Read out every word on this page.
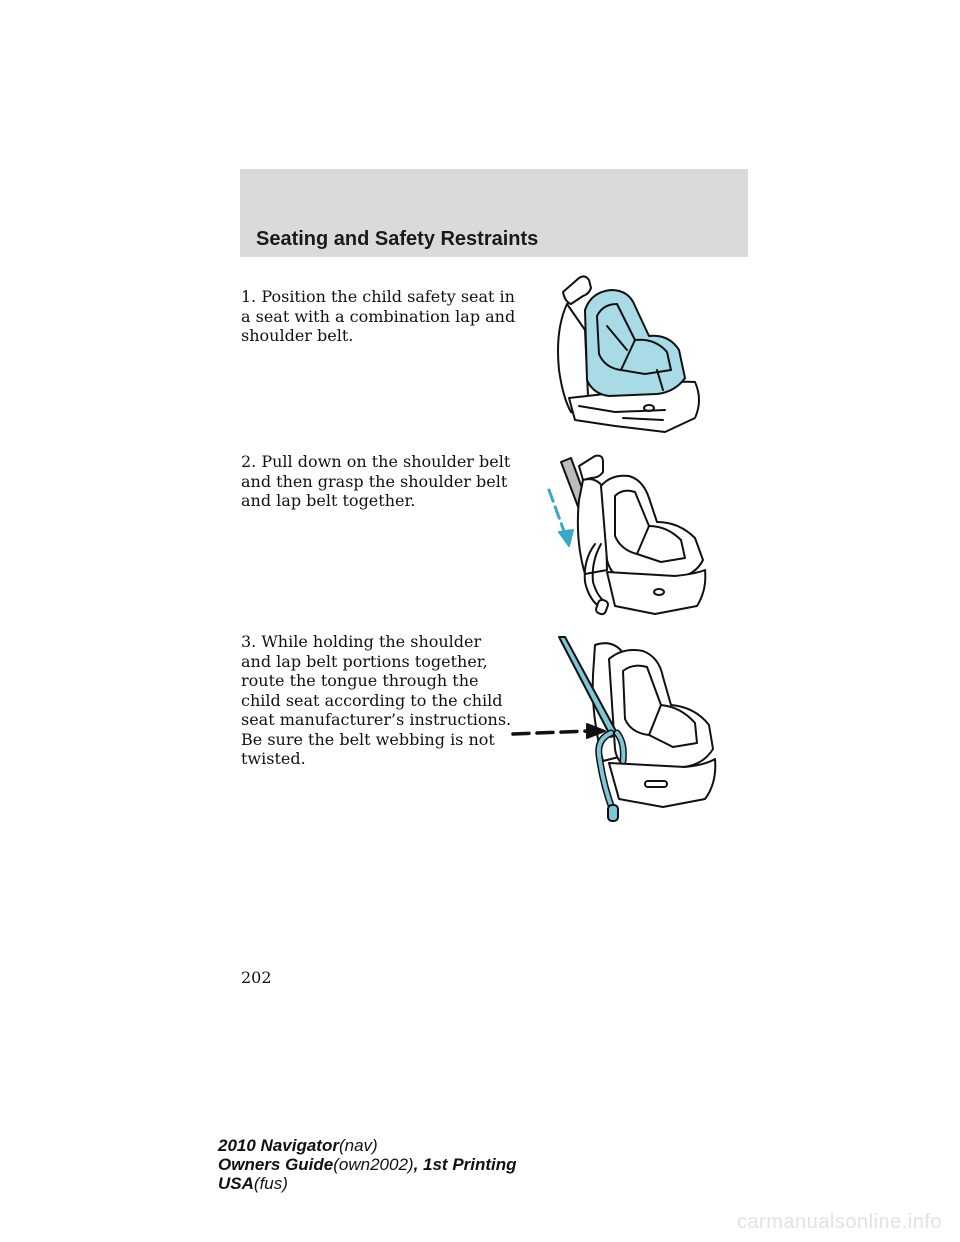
Seating and Safety Restraints

1. Position the child safety seat in a seat with a combination lap and shoulder belt.

2. Pull down on the shoulder belt and then grasp the shoulder belt and lap belt together.

3. While holding the shoulder and lap belt portions together, route the tongue through the child seat according to the child seat manufacturer’s instructions. Be sure the belt webbing is not twisted.

202

2010 Navigator(nav)
Owners Guide(own2002), 1st Printing
USA(fus)
carmanualsonline.info
